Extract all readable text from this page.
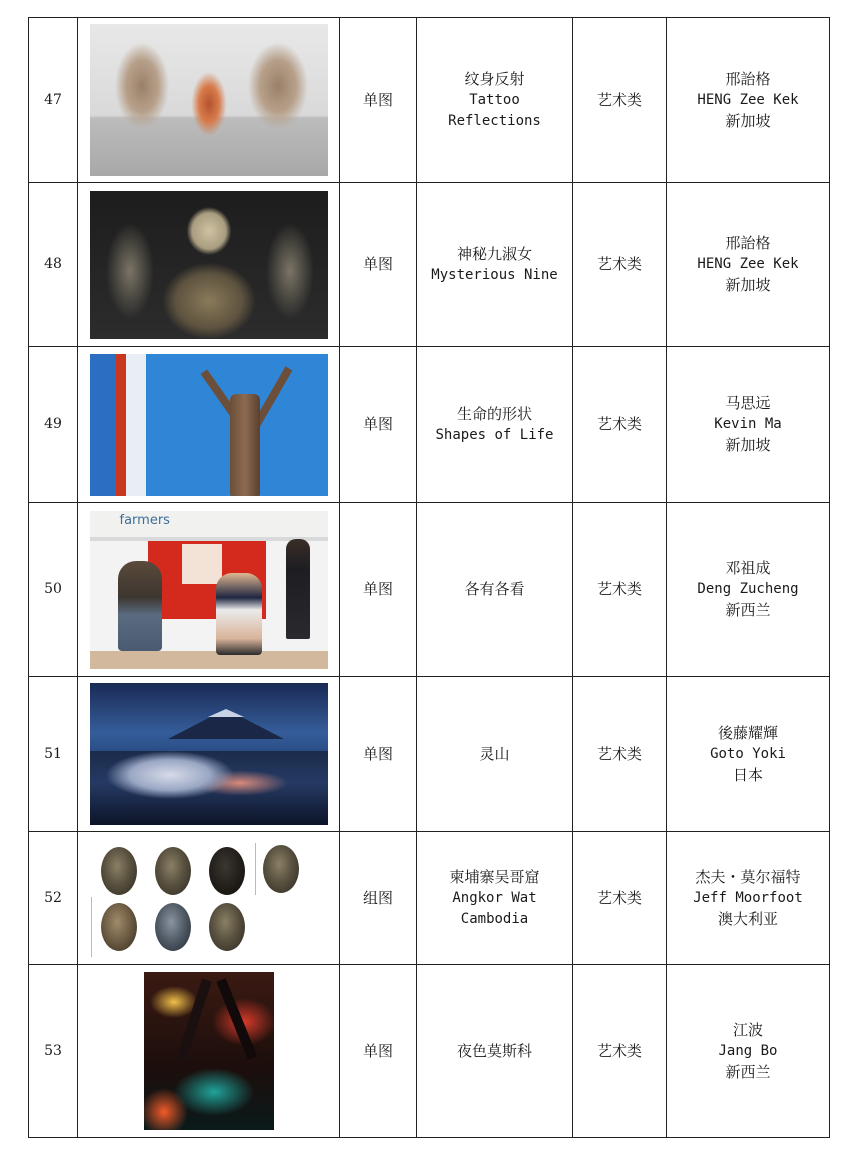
47		单图	纹身反射
Tattoo
Reflections	艺术类	邢詒格
HENG Zee Kek
新加坡

48		单图	神秘九淑女
Mysterious Nine	艺术类	邢詒格
HENG Zee Kek
新加坡

49		单图	生命的形状
Shapes of Life	艺术类	马思远
Kevin Ma
新加坡

50	farmers	单图	各有各看	艺术类	邓祖成
Deng Zucheng
新西兰

51		单图	灵山	艺术类	後藤耀輝
Goto Yoki
日本

52		组图	柬埔寨吴哥窟
Angkor Wat
Cambodia	艺术类	杰夫・莫尔福特
Jeff Moorfoot
澳大利亚

53		单图	夜色莫斯科	艺术类	江波
Jang Bo
新西兰
